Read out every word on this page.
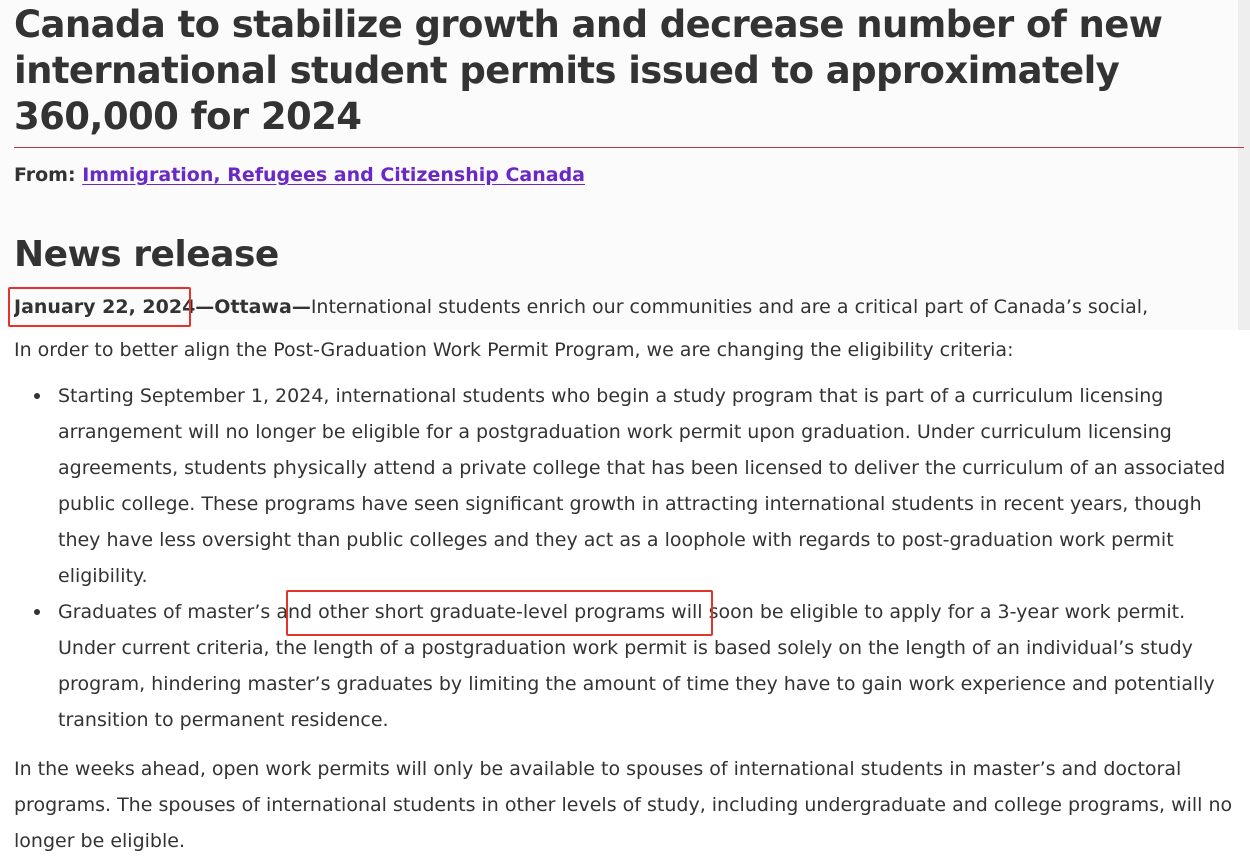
Canada to stabilize growth and decrease number of new international student permits issued to approximately 360,000 for 2024
From: Immigration, Refugees and Citizenship Canada
News release
January 22, 2024—Ottawa—International students enrich our communities and are a critical part of Canada’s social,

In order to better align the Post-Graduation Work Permit Program, we are changing the eligibility criteria:

Starting September 1, 2024, international students who begin a study program that is part of a curriculum licensing arrangement will no longer be eligible for a postgraduation work permit upon graduation. Under curriculum licensing agreements, students physically attend a private college that has been licensed to deliver the curriculum of an associated public college. These programs have seen significant growth in attracting international students in recent years, though they have less oversight than public colleges and they act as a loophole with regards to post-graduation work permit eligibility.
Graduates of master’s and other short graduate-level programs will soon be eligible to apply for a 3-year work permit. Under current criteria, the length of a postgraduation work permit is based solely on the length of an individual’s study program, hindering master’s graduates by limiting the amount of time they have to gain work experience and potentially transition to permanent residence.

In the weeks ahead, open work permits will only be available to spouses of international students in master’s and doctoral programs. The spouses of international students in other levels of study, including undergraduate and college programs, will no longer be eligible.
